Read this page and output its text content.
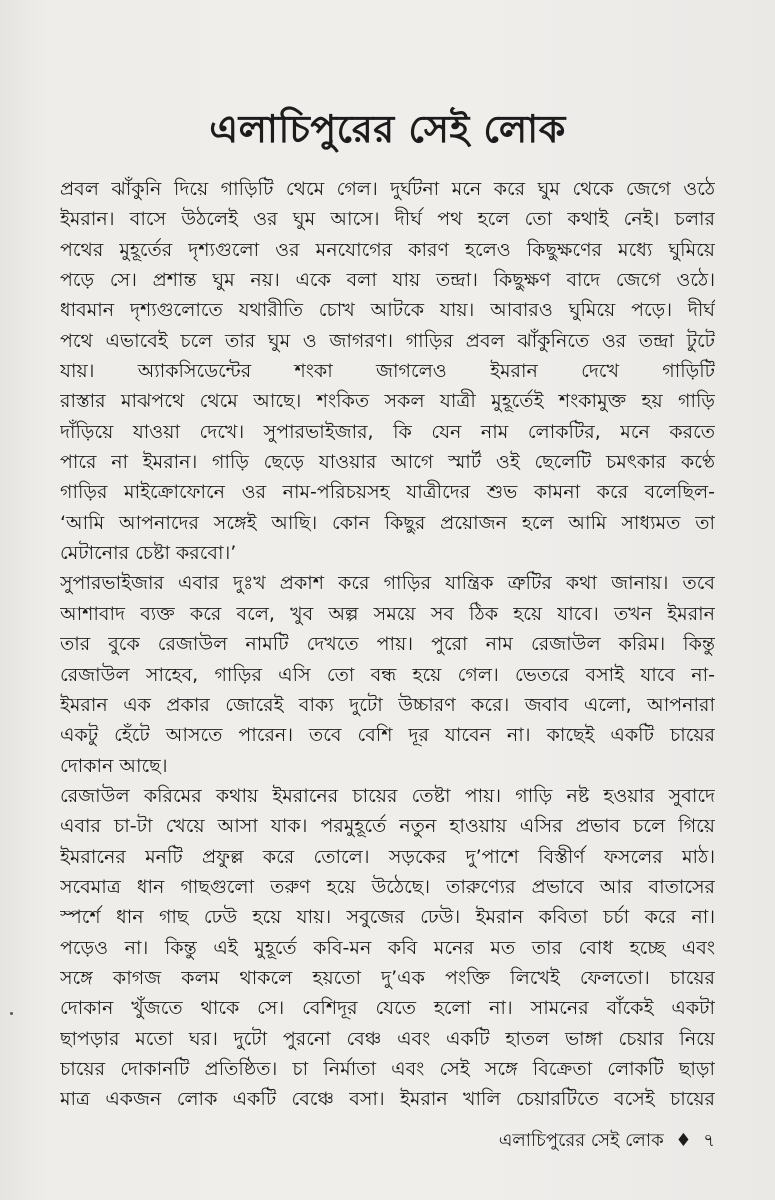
এলাচিপুরের সেই লোক
প্রবল ঝাঁকুনি দিয়ে গাড়িটি থেমে গেল। দুর্ঘটনা মনে করে ঘুম থেকে জেগে ওঠে
ইমরান। বাসে উঠলেই ওর ঘুম আসে। দীর্ঘ পথ হলে তো কথাই নেই। চলার
পথের মুহূর্তের দৃশ্যগুলো ওর মনযোগের কারণ হলেও কিছুক্ষণের মধ্যে ঘুমিয়ে
পড়ে সে। প্রশান্ত ঘুম নয়। একে বলা যায় তন্দ্রা। কিছুক্ষণ বাদে জেগে ওঠে।
ধাবমান দৃশ্যগুলোতে যথারীতি চোখ আটকে যায়। আবারও ঘুমিয়ে পড়ে। দীর্ঘ
পথে এভাবেই চলে তার ঘুম ও জাগরণ। গাড়ির প্রবল ঝাঁকুনিতে ওর তন্দ্রা টুটে
যায়। অ্যাকসিডেন্টের শংকা জাগলেও ইমরান দেখে গাড়িটি
রাস্তার মাঝপথে থেমে আছে। শংকিত সকল যাত্রী মুহূর্তেই শংকামুক্ত হয় গাড়ি
দাঁড়িয়ে যাওয়া দেখে। সুপারভাইজার, কি যেন নাম লোকটির, মনে করতে
পারে না ইমরান। গাড়ি ছেড়ে যাওয়ার আগে স্মার্ট ওই ছেলেটি চমৎকার কণ্ঠে
গাড়ির মাইক্রোফোনে ওর নাম-পরিচয়সহ যাত্রীদের শুভ কামনা করে বলেছিল-
‘আমি আপনাদের সঙ্গেই আছি। কোন কিছুর প্রয়োজন হলে আমি সাধ্যমত তা
মেটানোর চেষ্টা করবো।’
সুপারভাইজার এবার দুঃখ প্রকাশ করে গাড়ির যান্ত্রিক ত্রুটির কথা জানায়। তবে
আশাবাদ ব্যক্ত করে বলে, খুব অল্প সময়ে সব ঠিক হয়ে যাবে। তখন ইমরান
তার বুকে রেজাউল নামটি দেখতে পায়। পুরো নাম রেজাউল করিম। কিন্তু
রেজাউল সাহেব, গাড়ির এসি তো বন্ধ হয়ে গেল। ভেতরে বসাই যাবে না-
ইমরান এক প্রকার জোরেই বাক্য দুটো উচ্চারণ করে। জবাব এলো, আপনারা
একটু হেঁটে আসতে পারেন। তবে বেশি দূর যাবেন না। কাছেই একটি চায়ের
দোকান আছে।
রেজাউল করিমের কথায় ইমরানের চায়ের তেষ্টা পায়। গাড়ি নষ্ট হওয়ার সুবাদে
এবার চা-টা খেয়ে আসা যাক। পরমুহূর্তে নতুন হাওয়ায় এসির প্রভাব চলে গিয়ে
ইমরানের মনটি প্রফুল্ল করে তোলে। সড়কের দু’পাশে বিস্তীর্ণ ফসলের মাঠ।
সবেমাত্র ধান গাছগুলো তরুণ হয়ে উঠেছে। তারুণ্যের প্রভাবে আর বাতাসের
স্পর্শে ধান গাছ ঢেউ হয়ে যায়। সবুজের ঢেউ। ইমরান কবিতা চর্চা করে না।
পড়েও না। কিন্তু এই মুহূর্তে কবি-মন কবি মনের মত তার বোধ হচ্ছে এবং
সঙ্গে কাগজ কলম থাকলে হয়তো দু’এক পংক্তি লিখেই ফেলতো। চায়ের
দোকান খুঁজতে থাকে সে। বেশিদূর যেতে হলো না। সামনের বাঁকেই একটা
ছাপড়ার মতো ঘর। দুটো পুরনো বেঞ্চ এবং একটি হাতল ভাঙ্গা চেয়ার নিয়ে
চায়ের দোকানটি প্রতিষ্ঠিত। চা নির্মাতা এবং সেই সঙ্গে বিক্রেতা লোকটি ছাড়া
মাত্র একজন লোক একটি বেঞ্চে বসা। ইমরান খালি চেয়ারটিতে বসেই চায়ের
এলাচিপুরের সেই লোক ♦ ৭
